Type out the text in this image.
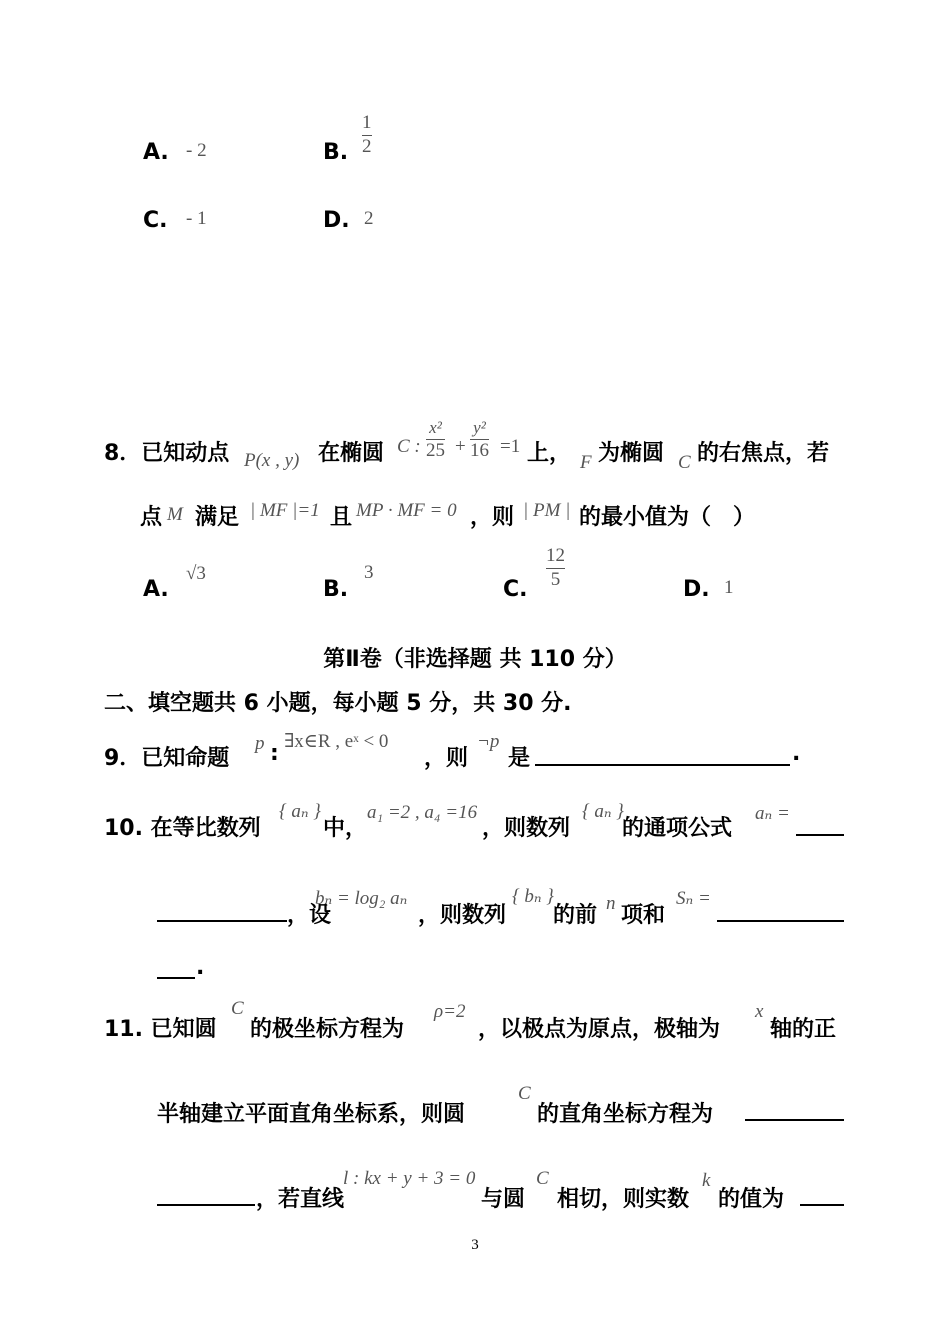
A. - 2	B.
1
2
C. - 1	D. 2
8．已知动点 P(x , y) 在椭圆 C :
x²
25 +
y²
16 =1 上， F 为椭圆 C 的右焦点，若
点 M 满足 | MF |=1 且 MP · MF = 0 ，则 | PM | 的最小值为（　）
A.
√3
B.
3
C.
12
5	D. 1
第Ⅱ卷（非选择题 共 110 分）
二、填空题共 6 小题，每小题 5 分，共 30 分.
9．已知命题
p : ∃x∈R , eˣ < 0
，则
¬p
是	.
10. 在等比数列
{ aₙ }
中，
a₁ =2 , a₄ =16
，则数列
{ aₙ }
的通项公式
aₙ =
，设
bₙ = log₂ aₙ
，则数列
{ bₙ }
的前 n 项和
Sₙ =
.
11. 已知圆
C
的极坐标方程为
ρ=2
，以极点为原点，极轴为
x
轴的正
半轴建立平面直角坐标系，则圆
C
的直角坐标方程为
，若直线
l : kx + y + 3 = 0
与圆
C
相切，则实数
k
的值为
3
